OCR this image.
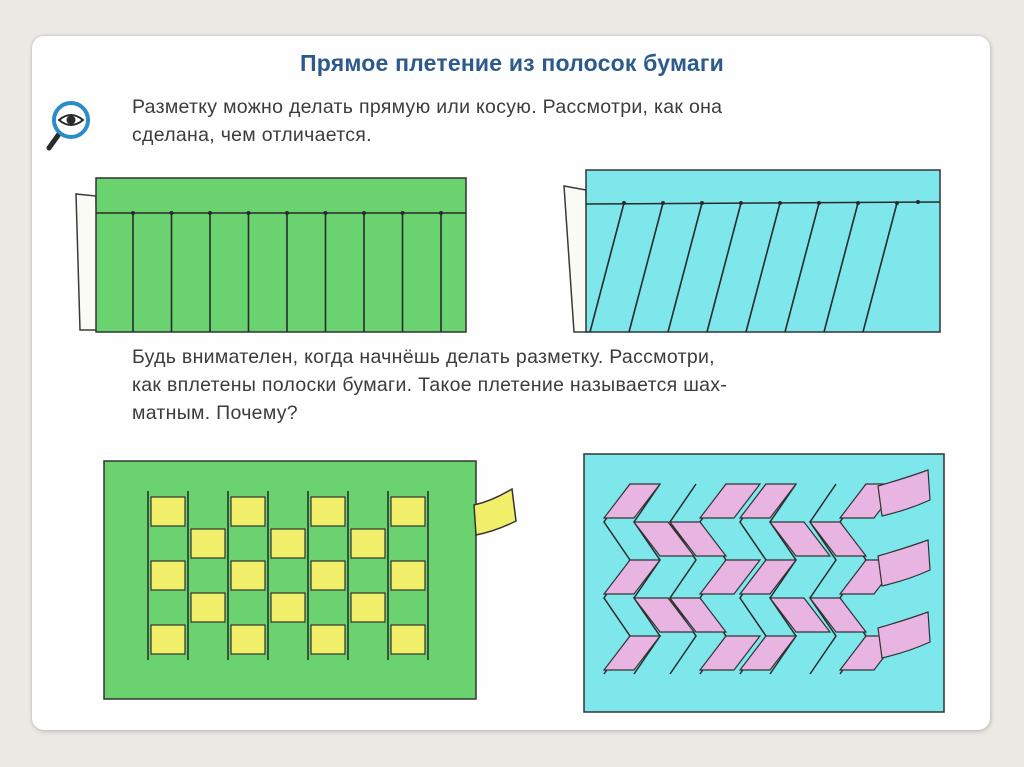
Прямое плетение из полосок бумаги

Разметку можно делать прямую или косую. Рассмотри, как она
сделана, чем отличается.

Будь внимателен, когда начнёшь делать разметку. Рассмотри,
как вплетены полоски бумаги. Такое плетение называется шах-
матным. Почему?
